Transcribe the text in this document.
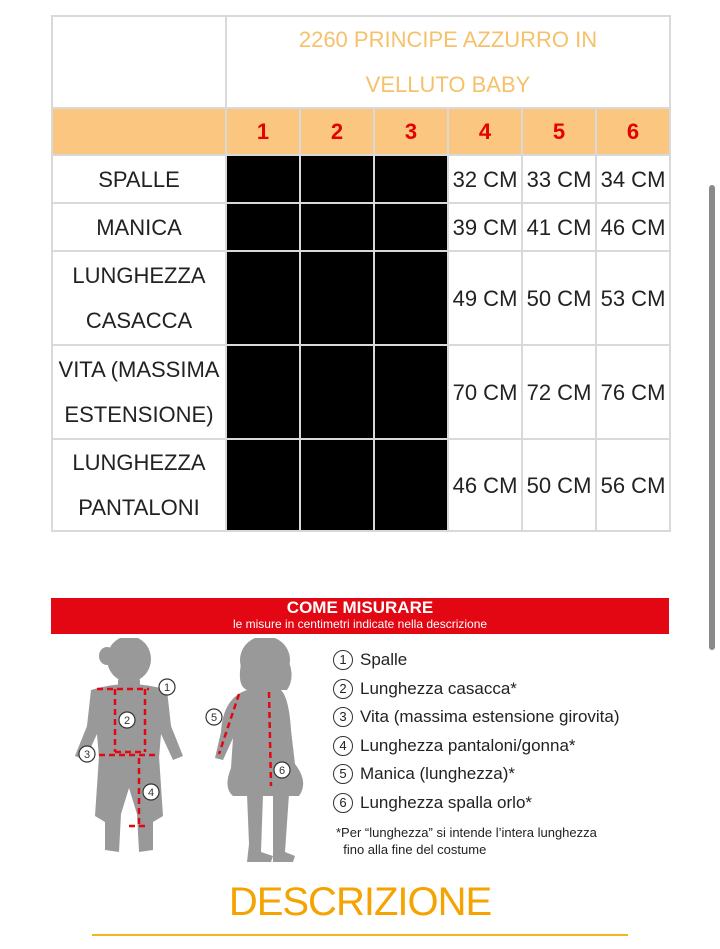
	2260 PRINCIPE AZZURRO IN
VELLUTO BABY					
	1	2	3	4	5	6
SPALLE				32 CM	33 CM	34 CM
MANICA				39 CM	41 CM	46 CM
LUNGHEZZA
CASACCA				49 CM	50 CM	53 CM
VITA (MASSIMA
ESTENSIONE)				70 CM	72 CM	76 CM
LUNGHEZZA
PANTALONI				46 CM	50 CM	56 CM
COME MISURARE
le misure in centimetri indicate nella descrizione
1
2
3
4
5
6
1 Spalle
2 Lunghezza casacca*
3 Vita (massima estensione girovita)
4 Lunghezza pantaloni/gonna*
5 Manica (lunghezza)*
6 Lunghezza spalla orlo*

*Per “lunghezza” si intende l’intera lunghezza
fino alla fine del costume

DESCRIZIONE
